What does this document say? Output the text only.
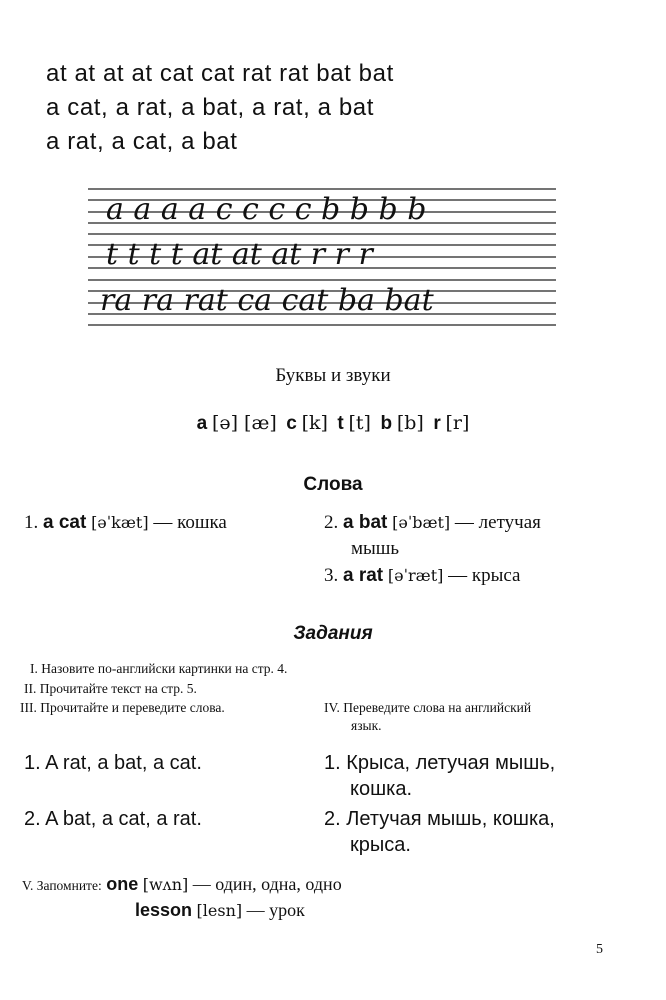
at at at at cat cat rat rat bat bat
a cat, a rat, a bat, a rat, a bat
a rat, a cat, a bat
a a a a c c c c b b b b
t t t t at at at r r r
ra ra rat ca cat ba bat
Буквы и звуки
a [ə] [æ] c [k] t [t] b [b] r [r]
Слова
1. a cat [əˈkæt] — кошка	2. a bat [əˈbæt] — летучая
мышь
3. a rat [əˈræt] — крыса
Задания
I. Назовите по-английски картинки на стр. 4.
II. Прочитайте текст на стр. 5.
III. Прочитайте и переведите слова.	IV. Переведите слова на английский
язык.
1. A rat, a bat, a cat.
2. A bat, a cat, a rat.
1. Крыса, летучая мышь,
кошка.
2. Летучая мышь, кошка,
крыса.
V. Запомните: one [wʌn] — один, одна, одно
lesson [lesn] — урок
5
